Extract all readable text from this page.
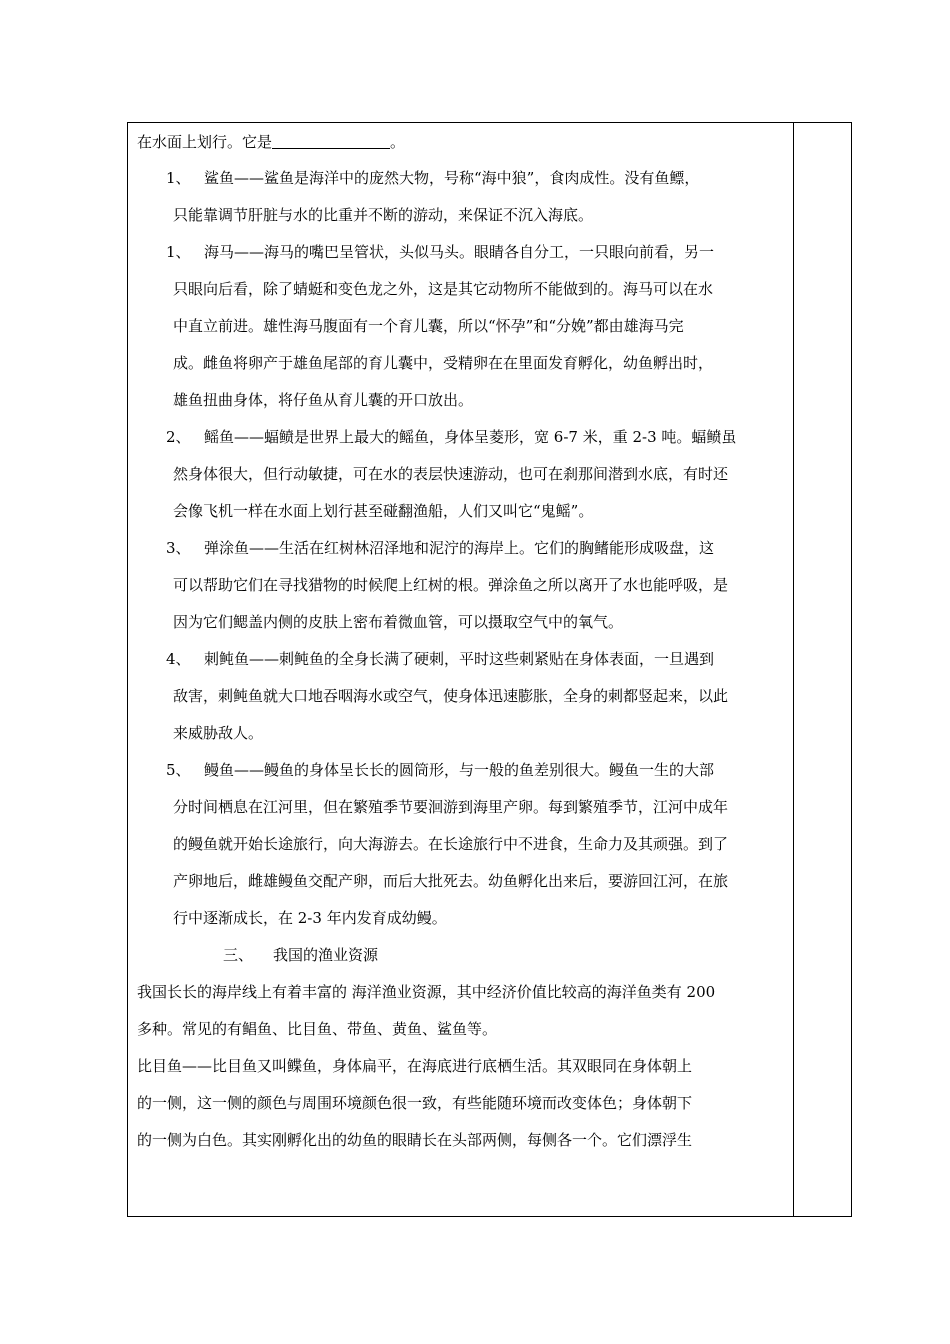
在水面上划行。它是	。
1、 鲨鱼——鲨鱼是海洋中的庞然大物，号称“海中狼”，食肉成性。没有鱼鳔，
只能靠调节肝脏与水的比重并不断的游动，来保证不沉入海底。
1、 海马——海马的嘴巴呈管状，头似马头。眼睛各自分工，一只眼向前看，另一
只眼向后看，除了蜻蜓和变色龙之外，这是其它动物所不能做到的。海马可以在水
中直立前进。雄性海马腹面有一个育儿囊，所以“怀孕”和“分娩”都由雄海马完
成。雌鱼将卵产于雄鱼尾部的育儿囊中，受精卵在在里面发育孵化，幼鱼孵出时，
雄鱼扭曲身体，将仔鱼从育儿囊的开口放出。
2、 鳐鱼——蝠鲼是世界上最大的鳐鱼，身体呈菱形，宽 6-7 米，重 2-3 吨。蝠鲼虽
然身体很大，但行动敏捷，可在水的表层快速游动，也可在刹那间潜到水底，有时还
会像飞机一样在水面上划行甚至碰翻渔船，人们又叫它“鬼鳐”。
3、 弹涂鱼——生活在红树林沼泽地和泥泞的海岸上。它们的胸鳍能形成吸盘，这
可以帮助它们在寻找猎物的时候爬上红树的根。弹涂鱼之所以离开了水也能呼吸，是
因为它们鳃盖内侧的皮肤上密布着微血管，可以摄取空气中的氧气。
4、 刺鲀鱼——刺鲀鱼的全身长满了硬刺，平时这些刺紧贴在身体表面，一旦遇到
敌害，刺鲀鱼就大口地吞咽海水或空气，使身体迅速膨胀，全身的刺都竖起来，以此
来威胁敌人。
5、 鳗鱼——鳗鱼的身体呈长长的圆筒形，与一般的鱼差别很大。鳗鱼一生的大部
分时间栖息在江河里，但在繁殖季节要洄游到海里产卵。每到繁殖季节，江河中成年
的鳗鱼就开始长途旅行，向大海游去。在长途旅行中不进食，生命力及其顽强。到了
产卵地后，雌雄鳗鱼交配产卵，而后大批死去。幼鱼孵化出来后，要游回江河，在旅
行中逐渐成长，在 2-3 年内发育成幼鳗。
三、 我国的渔业资源
我国长长的海岸线上有着丰富的 海洋渔业资源，其中经济价值比较高的海洋鱼类有 200
多种。常见的有鲳鱼、比目鱼、带鱼、黄鱼、鲨鱼等。
比目鱼——比目鱼又叫鲽鱼，身体扁平，在海底进行底栖生活。其双眼同在身体朝上
的一侧，这一侧的颜色与周围环境颜色很一致，有些能随环境而改变体色；身体朝下
的一侧为白色。其实刚孵化出的幼鱼的眼睛长在头部两侧，每侧各一个。它们漂浮生
